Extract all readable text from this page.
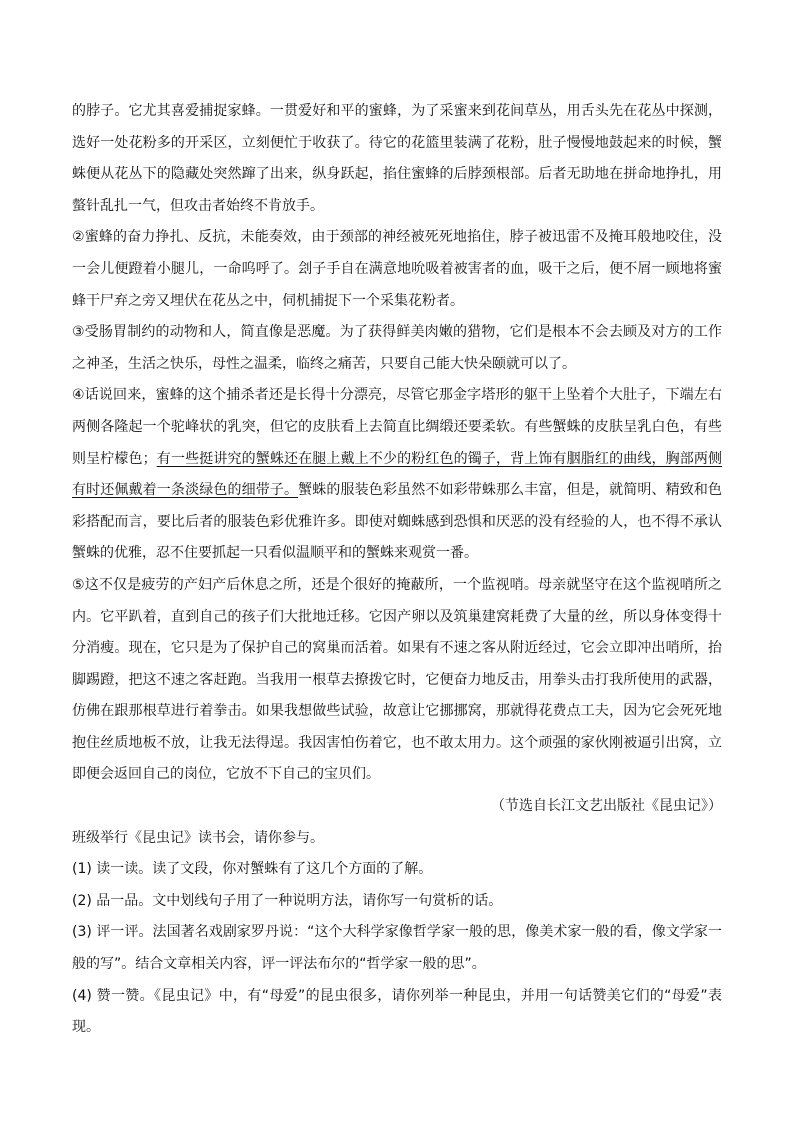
的脖子。它尤其喜爱捕捉家蜂。一贯爱好和平的蜜蜂，为了采蜜来到花间草丛，用舌头先在花丛中探测，选好一处花粉多的开采区，立刻便忙于收获了。待它的花篮里装满了花粉，肚子慢慢地鼓起来的时候，蟹蛛便从花丛下的隐藏处突然蹿了出来，纵身跃起，掐住蜜蜂的后脖颈根部。后者无助地在拼命地挣扎，用螫针乱扎一气，但攻击者始终不肯放手。

②蜜蜂的奋力挣扎、反抗，未能奏效，由于颈部的神经被死死地掐住，脖子被迅雷不及掩耳般地咬住，没一会儿便蹬着小腿儿，一命呜呼了。刽子手自在满意地吮吸着被害者的血，吸干之后，便不屑一顾地将蜜蜂干尸弃之旁又埋伏在花丛之中，伺机捕捉下一个采集花粉者。

③受肠胃制约的动物和人，简直像是恶魔。为了获得鲜美肉嫩的猎物，它们是根本不会去顾及对方的工作之神圣，生活之快乐，母性之温柔，临终之痛苦，只要自己能大快朵颐就可以了。

④话说回来，蜜蜂的这个捕杀者还是长得十分漂亮，尽管它那金字塔形的躯干上坠着个大肚子，下端左右两侧各隆起一个驼峰状的乳突，但它的皮肤看上去简直比绸缎还要柔软。有些蟹蛛的皮肤呈乳白色，有些则呈柠檬色；有一些挺讲究的蟹蛛还在腿上戴上不少的粉红色的镯子，背上饰有胭脂红的曲线，胸部两侧有时还佩戴着一条淡绿色的细带子。蟹蛛的服装色彩虽然不如彩带蛛那么丰富，但是，就简明、精致和色彩搭配而言，要比后者的服装色彩优雅许多。即使对蜘蛛感到恐惧和厌恶的没有经验的人，也不得不承认蟹蛛的优雅，忍不住要抓起一只看似温顺平和的蟹蛛来观赏一番。

⑤这不仅是疲劳的产妇产后休息之所，还是个很好的掩蔽所，一个监视哨。母亲就坚守在这个监视哨所之内。它平趴着，直到自己的孩子们大批地迁移。它因产卵以及筑巢建窝耗费了大量的丝，所以身体变得十分消瘦。现在，它只是为了保护自己的窝巢而活着。如果有不速之客从附近经过，它会立即冲出哨所，抬脚踢蹬，把这不速之客赶跑。当我用一根草去撩拨它时，它便奋力地反击，用拳头击打我所使用的武器，仿佛在跟那根草进行着拳击。如果我想做些试验，故意让它挪挪窝，那就得花费点工夫，因为它会死死地抱住丝质地板不放，让我无法得逞。我因害怕伤着它，也不敢太用力。这个顽强的家伙刚被逼引出窝，立即便会返回自己的岗位，它放不下自己的宝贝们。

（节选自长江文艺出版社《昆虫记》）

班级举行《昆虫记》读书会，请你参与。

(1) 读一读。读了文段，你对蟹蛛有了这几个方面的了解。

(2) 品一品。文中划线句子用了一种说明方法，请你写一句赏析的话。

(3) 评一评。法国著名戏剧家罗丹说：“这个大科学家像哲学家一般的思，像美术家一般的看，像文学家一般的写”。结合文章相关内容，评一评法布尔的“哲学家一般的思”。

(4) 赞一赞。《昆虫记》中，有“母爱”的昆虫很多，请你列举一种昆虫，并用一句话赞美它们的“母爱”表现。
